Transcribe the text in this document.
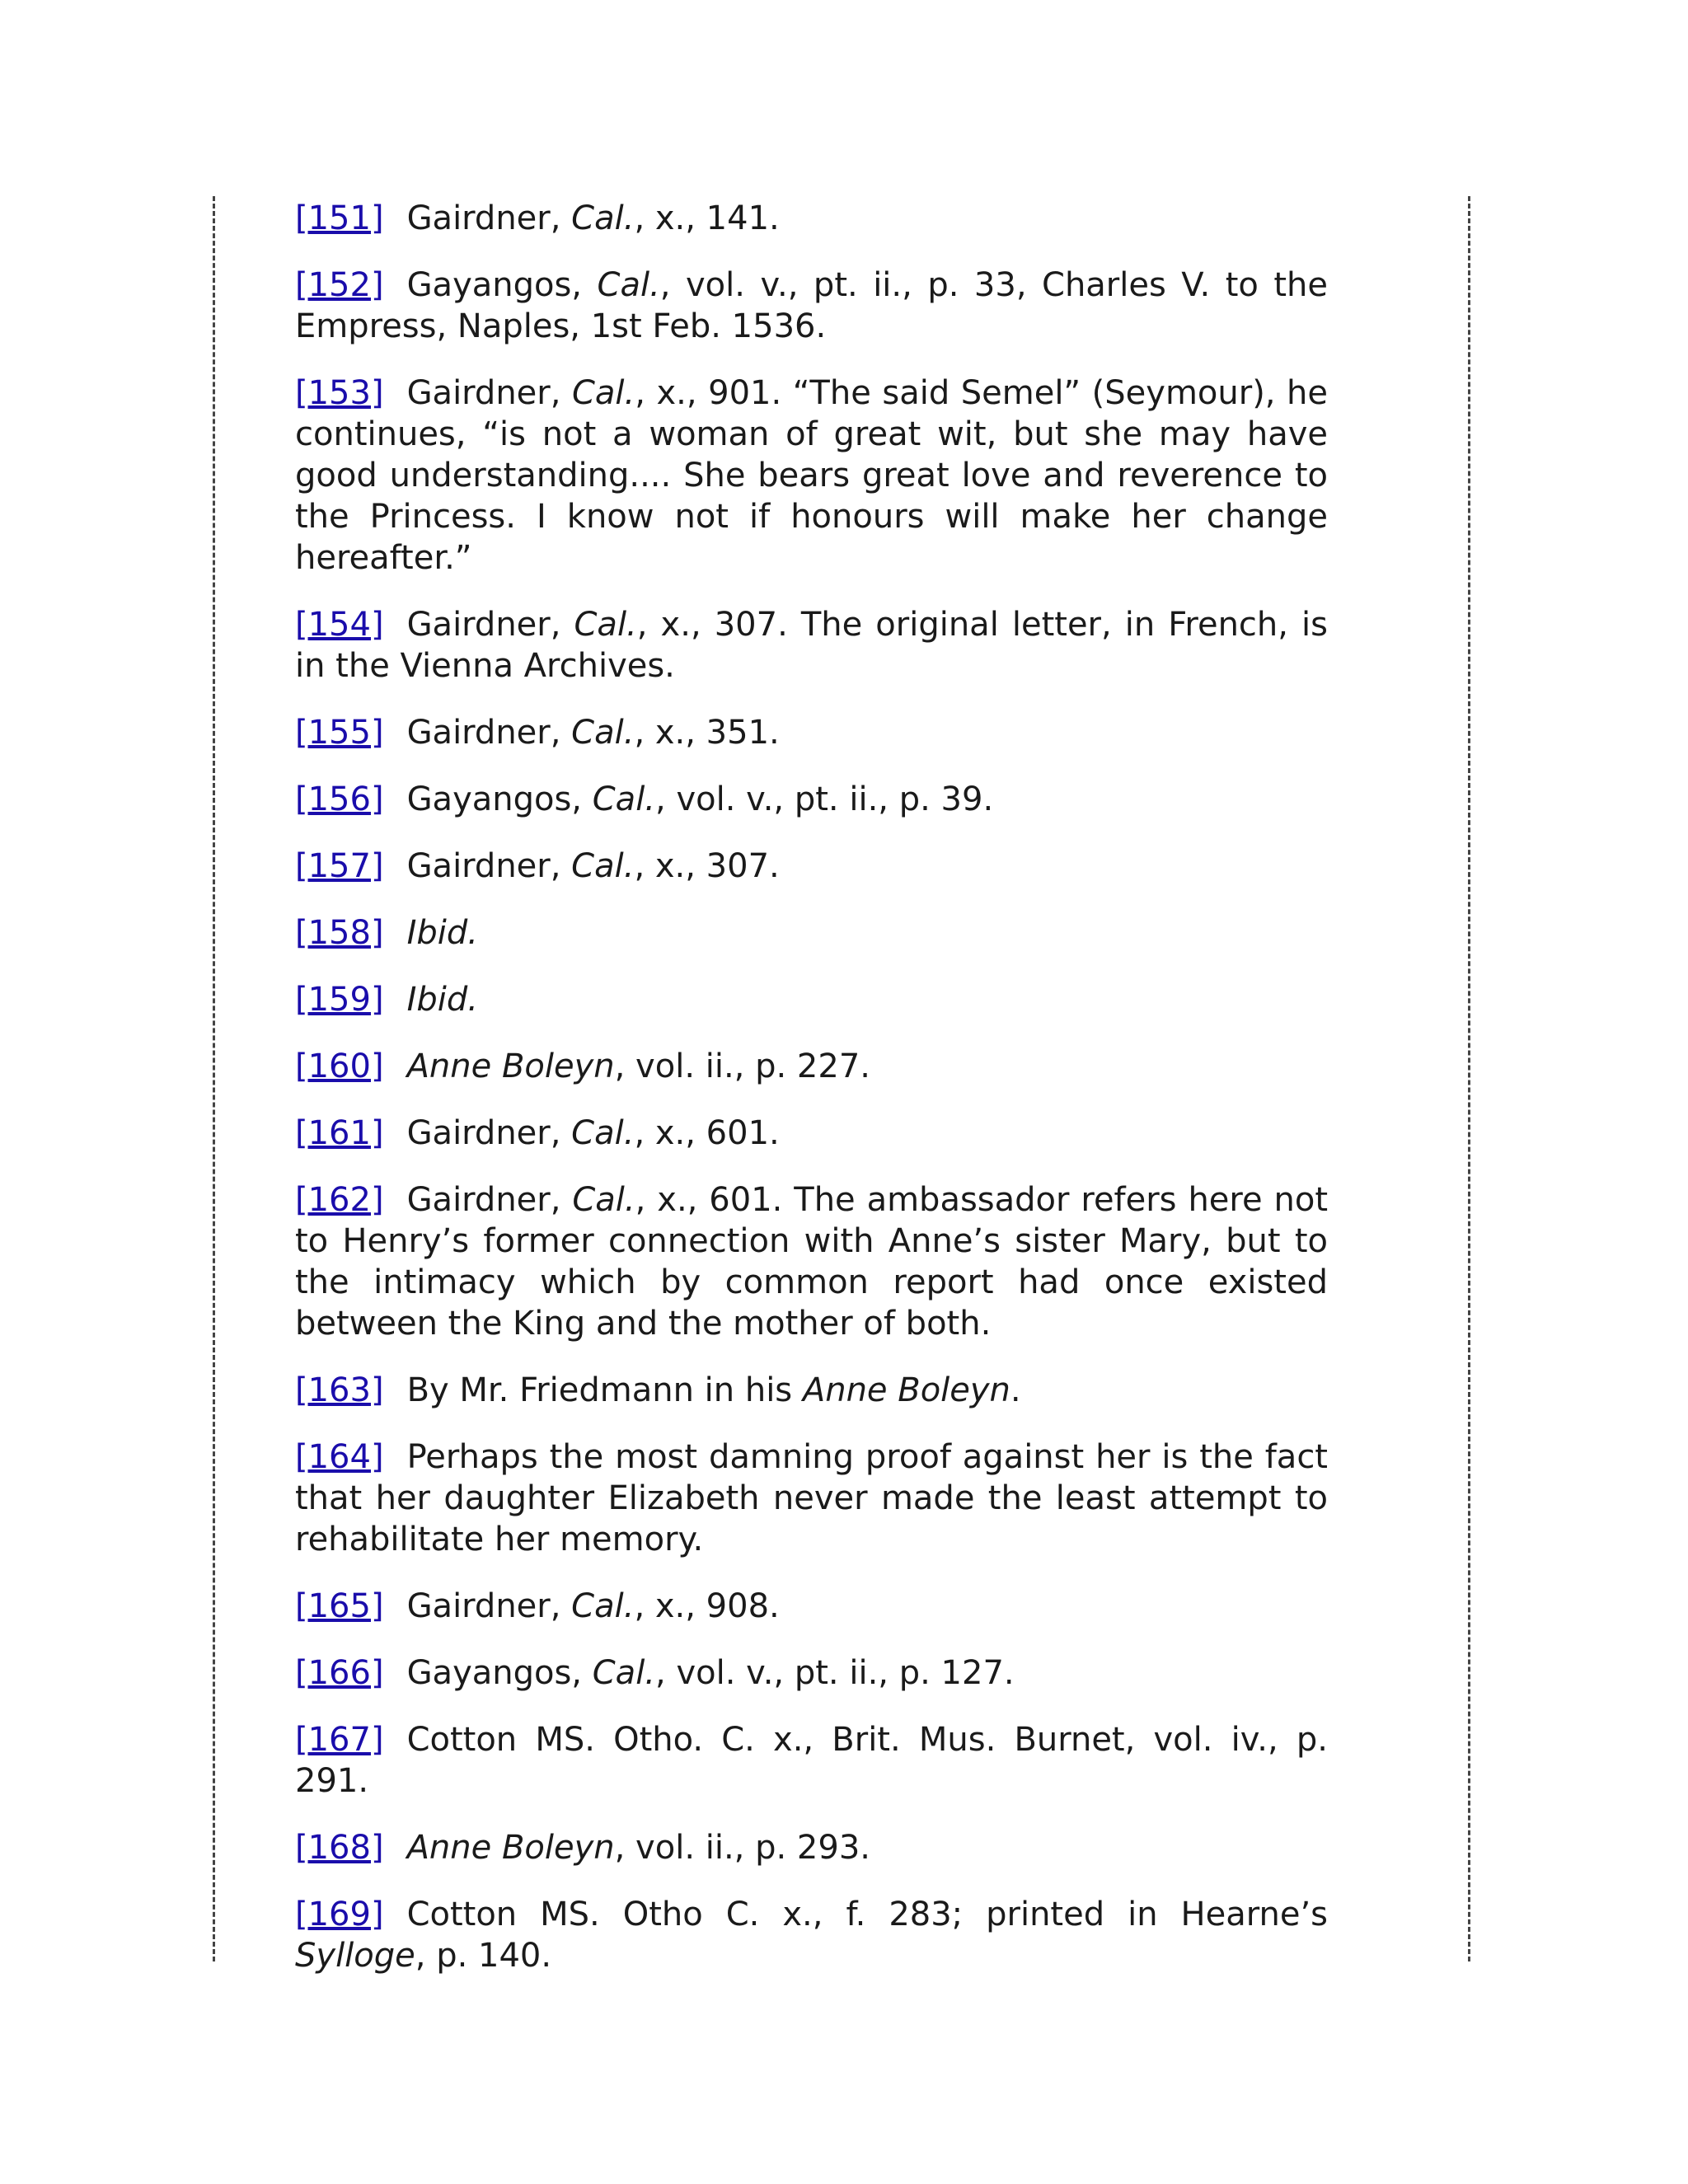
[151] Gairdner, Cal., x., 141.

[152] Gayangos, Cal., vol. v., pt. ii., p. 33, Charles V. to the Empress, Naples, 1st Feb. 1536.

[153] Gairdner, Cal., x., 901. “The said Semel” (Seymour), he continues, “is not a woman of great wit, but she may have good understanding.... She bears great love and reverence to the Princess. I know not if honours will make her change hereafter.”

[154] Gairdner, Cal., x., 307. The original letter, in French, is in the Vienna Archives.

[155] Gairdner, Cal., x., 351.

[156] Gayangos, Cal., vol. v., pt. ii., p. 39.

[157] Gairdner, Cal., x., 307.

[158] Ibid.

[159] Ibid.

[160] Anne Boleyn, vol. ii., p. 227.

[161] Gairdner, Cal., x., 601.

[162] Gairdner, Cal., x., 601. The ambassador refers here not to Henry’s former connection with Anne’s sister Mary, but to the intimacy which by common report had once existed between the King and the mother of both.

[163] By Mr. Friedmann in his Anne Boleyn.

[164] Perhaps the most damning proof against her is the fact that her daughter Elizabeth never made the least attempt to rehabilitate her memory.

[165] Gairdner, Cal., x., 908.

[166] Gayangos, Cal., vol. v., pt. ii., p. 127.

[167] Cotton MS. Otho. C. x., Brit. Mus. Burnet, vol. iv., p. 291.

[168] Anne Boleyn, vol. ii., p. 293.

[169] Cotton MS. Otho C. x., f. 283; printed in Hearne’s Sylloge, p. 140.
